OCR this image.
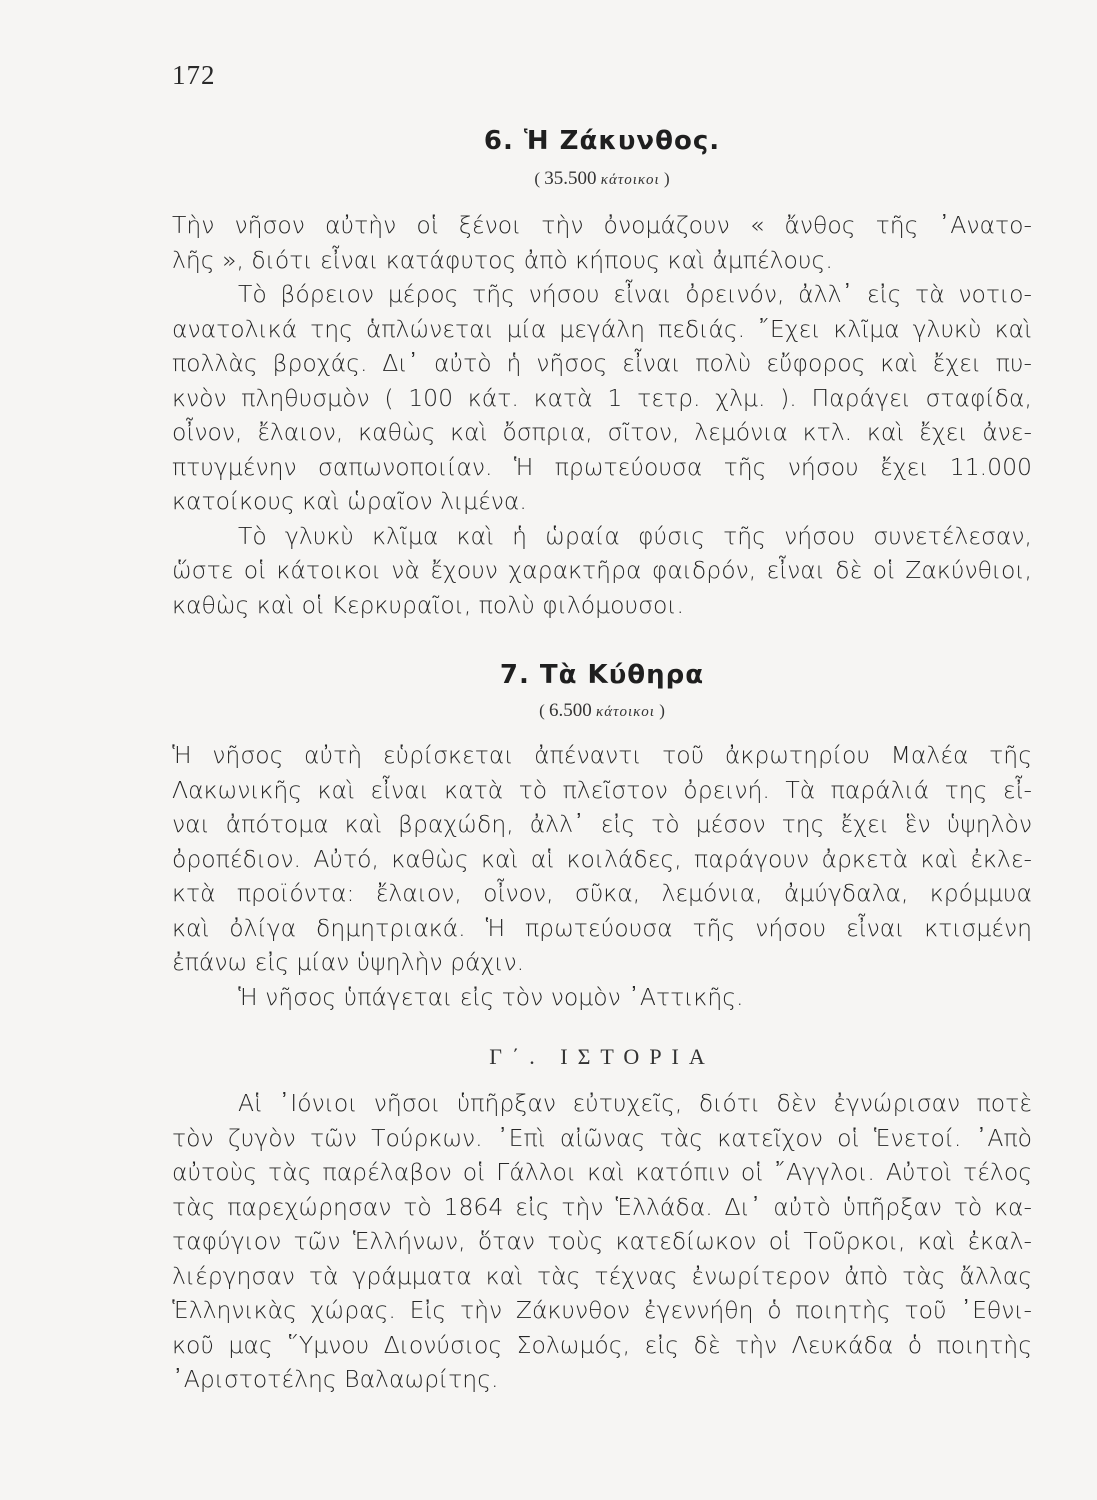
172
6. Ἡ Ζάκυνθος.
( 35.500 κάτοικοι )
Τὴν νῆσον αὐτὴν οἱ ξένοι τὴν ὀνομάζουν « ἄνθος τῆς ᾿Ανατο-
λῆς », διότι εἶναι κατάφυτος ἀπὸ κήπους καὶ ἀμπέλους.
Τὸ βόρειον μέρος τῆς νήσου εἶναι ὀρεινόν, ἀλλ᾿ εἰς τὰ νοτιο-
ανατολικά της ἁπλώνεται μία μεγάλη πεδιάς. ῎Εχει κλῖμα γλυκὺ καὶ
πολλὰς βροχάς. Δι᾿ αὐτὸ ἡ νῆσος εἶναι πολὺ εὔφορος καὶ ἔχει πυ-
κνὸν πληθυσμὸν ( 100 κάτ. κατὰ 1 τετρ. χλμ. ). Παράγει σταφίδα,
οἶνον, ἔλαιον, καθὼς καὶ ὄσπρια, σῖτον, λεμόνια κτλ. καὶ ἔχει ἀνε-
πτυγμένην σαπωνοποιίαν. Ἡ πρωτεύουσα τῆς νήσου ἔχει 11.000
κατοίκους καὶ ὡραῖον λιμένα.
Τὸ γλυκὺ κλῖμα καὶ ἡ ὡραία φύσις τῆς νήσου συνετέλεσαν,
ὥστε οἱ κάτοικοι νὰ ἔχουν χαρακτῆρα φαιδρόν, εἶναι δὲ οἱ Ζακύνθιοι,
καθὼς καὶ οἱ Κερκυραῖοι, πολὺ φιλόμουσοι.
7. Τὰ Κύθηρα
( 6.500 κάτοικοι )
Ἡ νῆσος αὐτὴ εὑρίσκεται ἀπέναντι τοῦ ἀκρωτηρίου Μαλέα τῆς
Λακωνικῆς καὶ εἶναι κατὰ τὸ πλεῖστον ὀρεινή. Τὰ παράλιά της εἶ-
ναι ἀπότομα καὶ βραχώδη, ἀλλ᾿ εἰς τὸ μέσον της ἔχει ἓν ὑψηλὸν
ὀροπέδιον. Αὐτό, καθὼς καὶ αἱ κοιλάδες, παράγουν ἀρκετὰ καὶ ἐκλε-
κτὰ προϊόντα: ἔλαιον, οἶνον, σῦκα, λεμόνια, ἀμύγδαλα, κρόμμυα
καὶ ὀλίγα δημητριακά. Ἡ πρωτεύουσα τῆς νήσου εἶναι κτισμένη
ἐπάνω εἰς μίαν ὑψηλὴν ράχιν.
Ἡ νῆσος ὑπάγεται εἰς τὸν νομὸν ᾿Αττικῆς.
Γ΄. ΙΣΤΟΡΙΑ
Αἱ ᾿Ιόνιοι νῆσοι ὑπῆρξαν εὐτυχεῖς, διότι δὲν ἐγνώρισαν ποτὲ
τὸν ζυγὸν τῶν Τούρκων. ᾿Επὶ αἰῶνας τὰς κατεῖχον οἱ Ἑνετοί. ᾿Απὸ
αὐτοὺς τὰς παρέλαβον οἱ Γάλλοι καὶ κατόπιν οἱ ῎Αγγλοι. Αὐτοὶ τέλος
τὰς παρεχώρησαν τὸ 1864 εἰς τὴν Ἑλλάδα. Δι᾿ αὐτὸ ὑπῆρξαν τὸ κα-
ταφύγιον τῶν Ἑλλήνων, ὅταν τοὺς κατεδίωκον οἱ Τοῦρκοι, καὶ ἐκαλ-
λιέργησαν τὰ γράμματα καὶ τὰς τέχνας ἐνωρίτερον ἀπὸ τὰς ἄλλας
Ἑλληνικὰς χώρας. Εἰς τὴν Ζάκυνθον ἐγεννήθη ὁ ποιητὴς τοῦ ᾿Εθνι-
κοῦ μας ῞Υμνου Διονύσιος Σολωμός, εἰς δὲ τὴν Λευκάδα ὁ ποιητὴς
᾿Αριστοτέλης Βαλαωρίτης.
